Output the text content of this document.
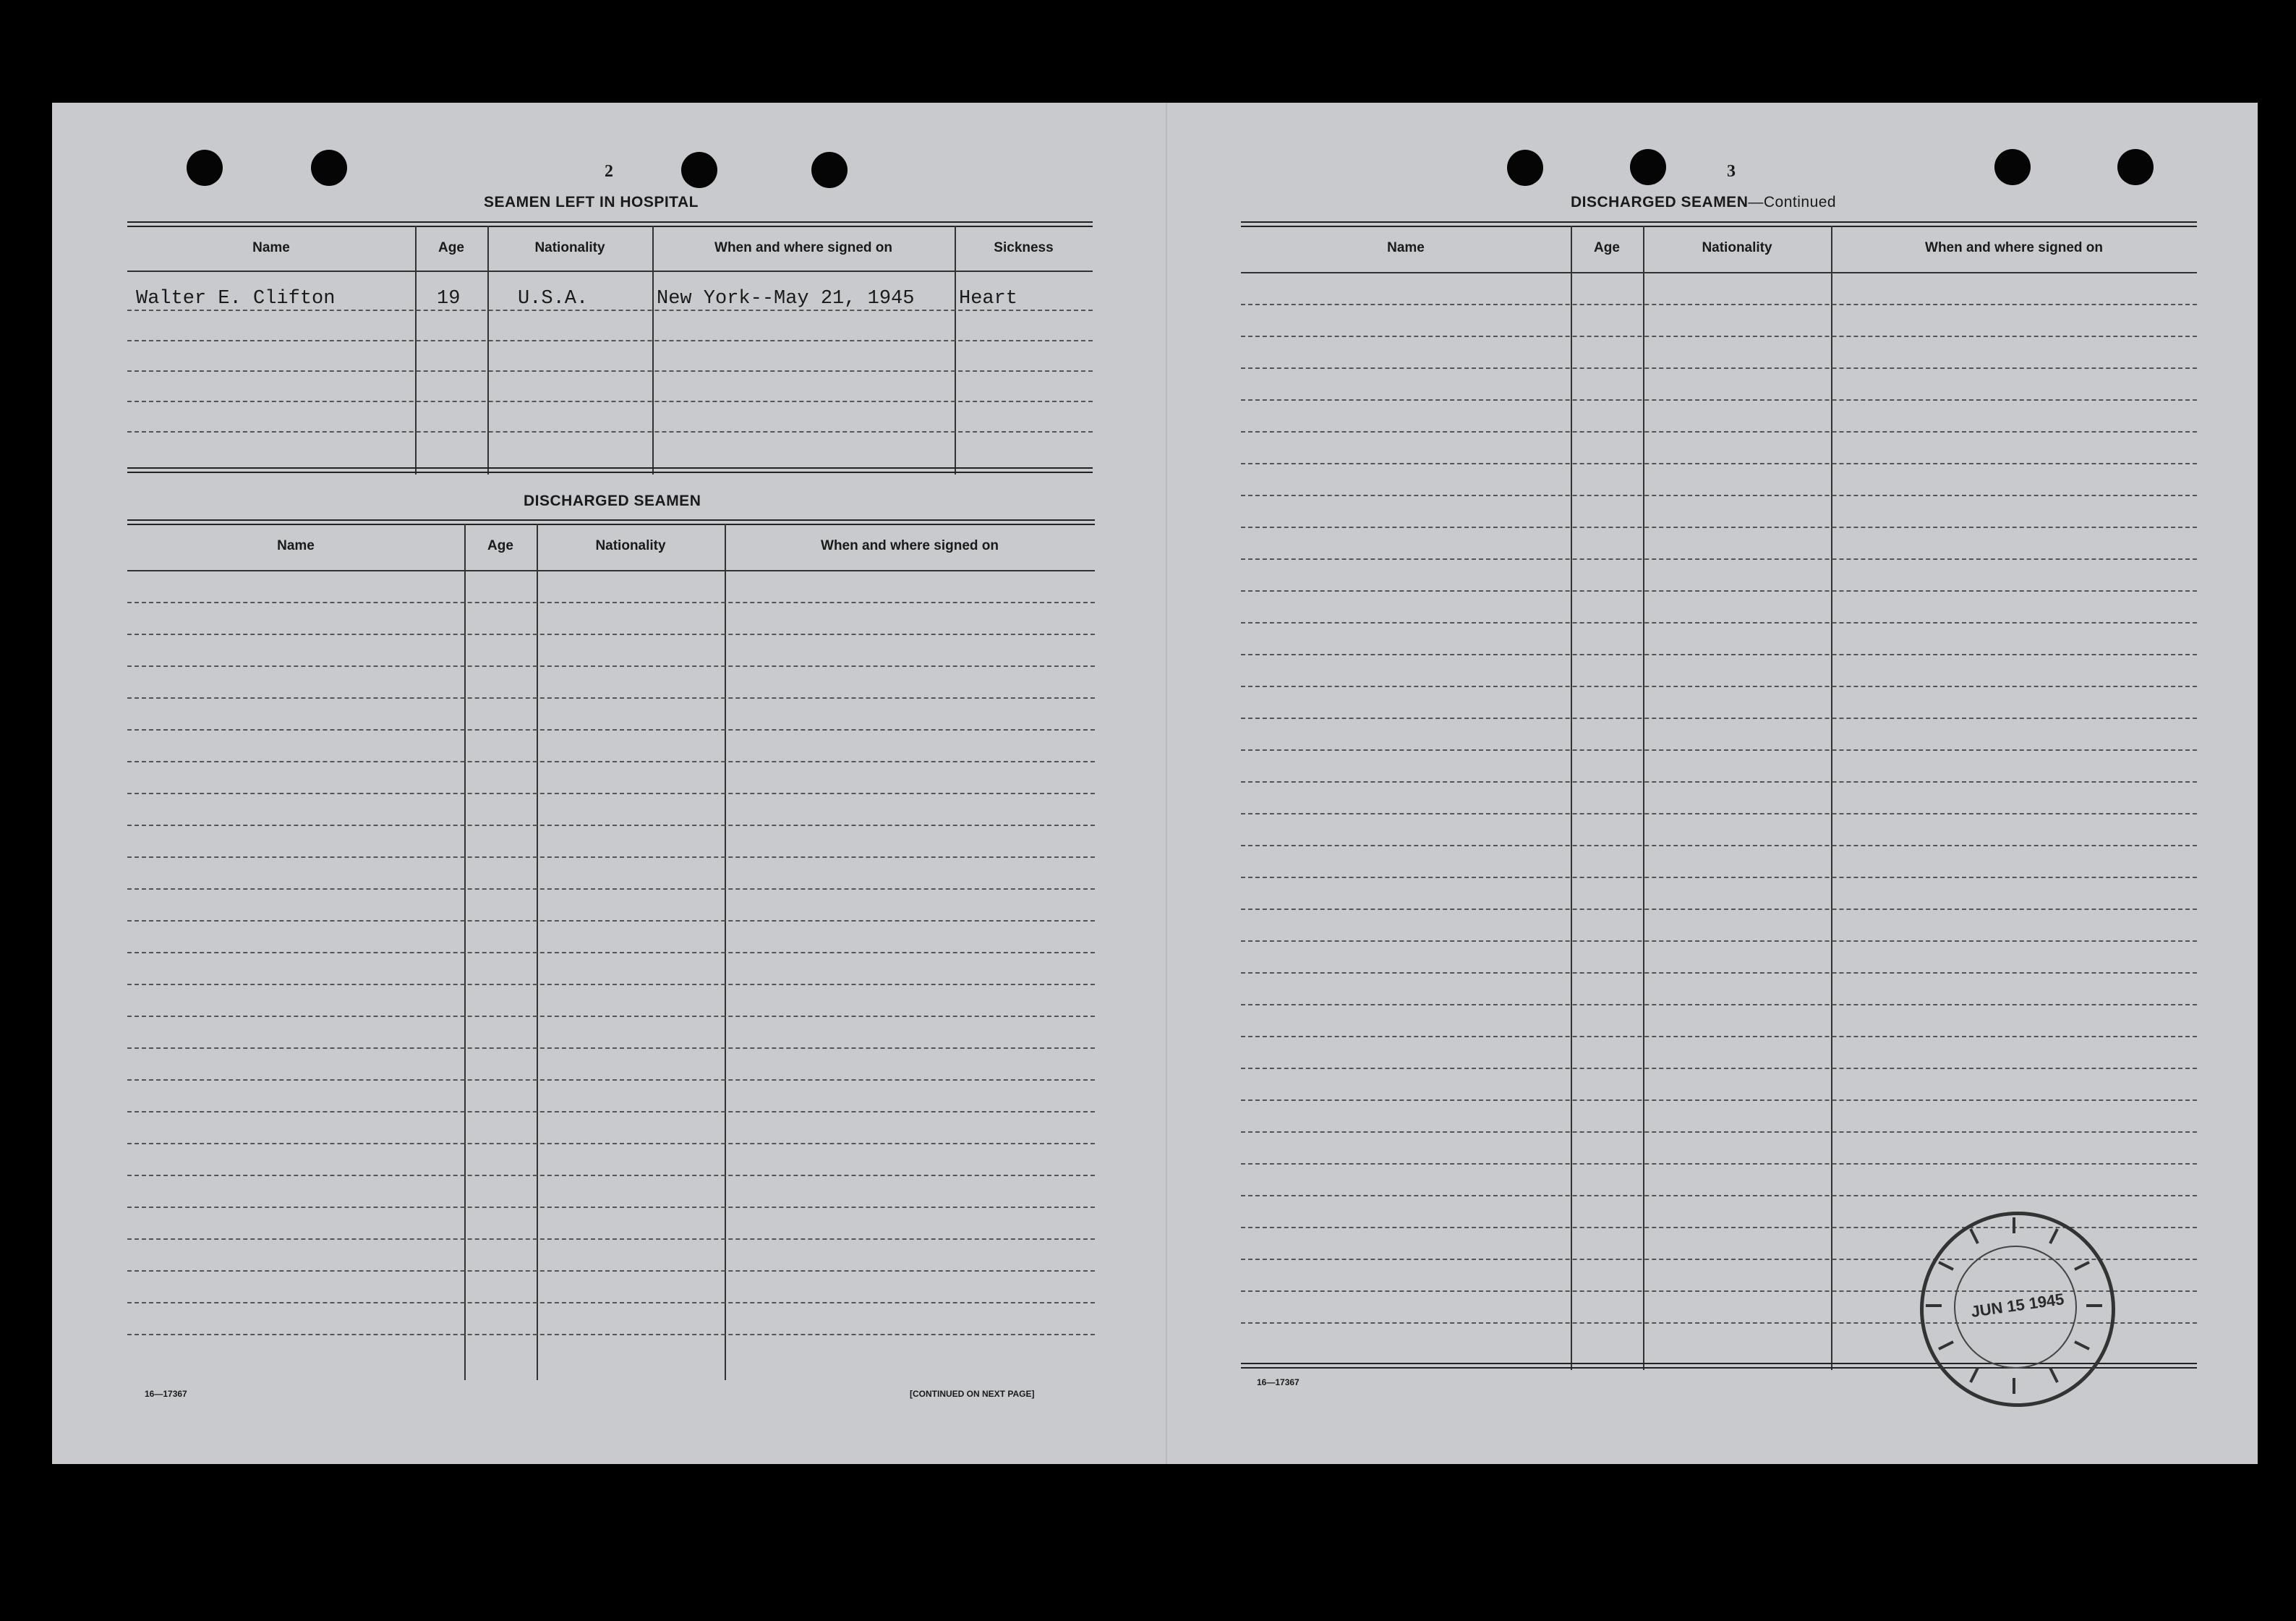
2
SEAMEN LEFT IN HOSPITAL
Name	Age	Nationality	When and where signed on	Sickness
Walter E. Clifton	19	U.S.A.	New York--May 21, 1945 Heart
DISCHARGED SEAMEN
Name	Age	Nationality	When and where signed on
16—17367	[CONTINUED ON NEXT PAGE]
3
DISCHARGED SEAMEN—Continued
Name	Age	Nationality	When and where signed on
16—17367
JUN 15 1945
